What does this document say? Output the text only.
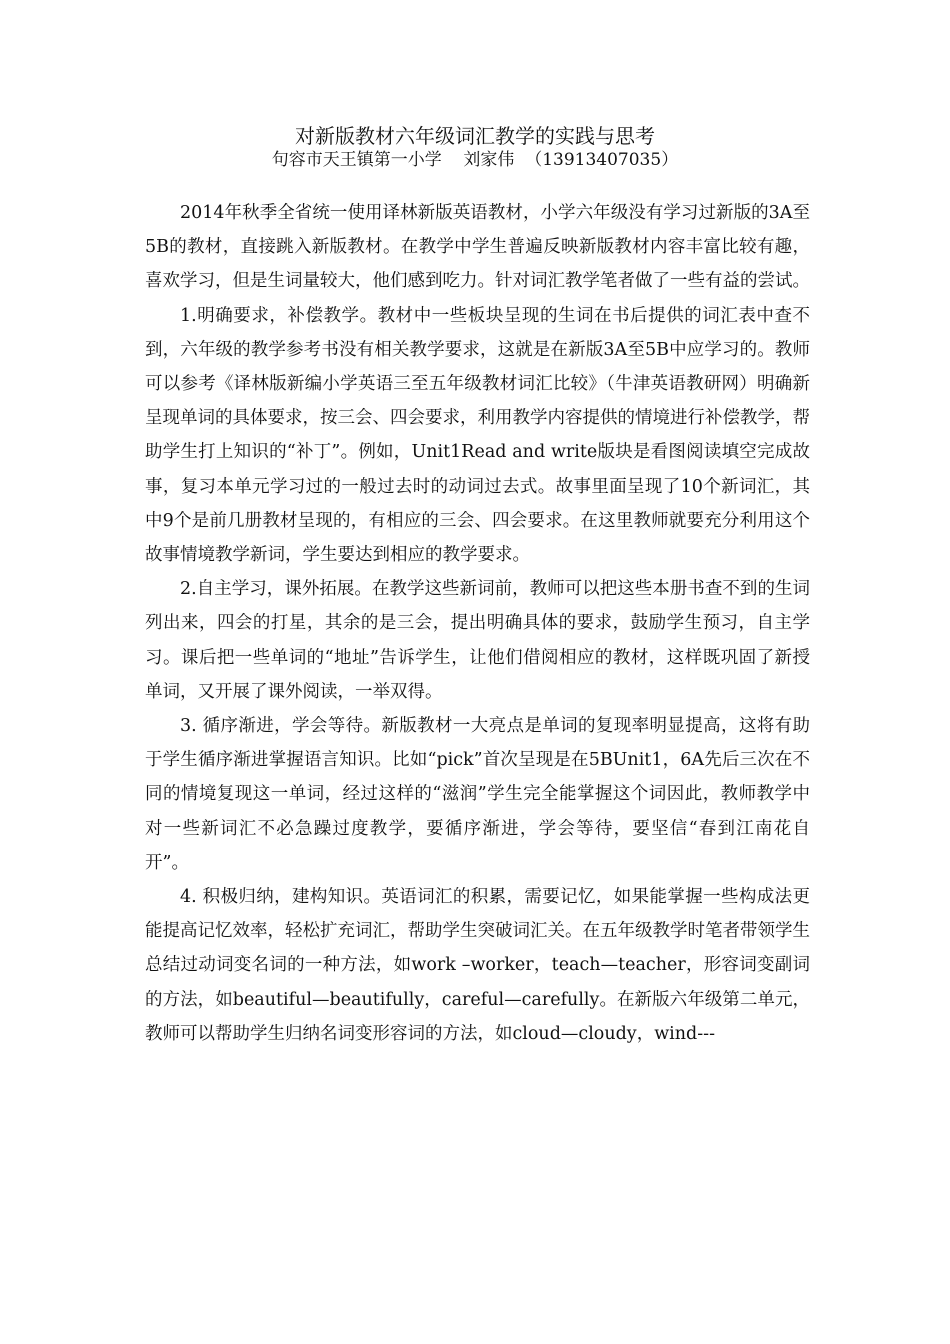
对新版教材六年级词汇教学的实践与思考
句容市天王镇第一小学    刘家伟  （13913407035）

2014年秋季全省统一使用译林新版英语教材，小学六年级没有学习过新版的3A至5B的教材，直接跳入新版教材。在教学中学生普遍反映新版教材内容丰富比较有趣，喜欢学习，但是生词量较大，他们感到吃力。针对词汇教学笔者做了一些有益的尝试。

1.明确要求，补偿教学。教材中一些板块呈现的生词在书后提供的词汇表中查不到，六年级的教学参考书没有相关教学要求，这就是在新版3A至5B中应学习的。教师可以参考《译林版新编小学英语三至五年级教材词汇比较》（牛津英语教研网）明确新呈现单词的具体要求，按三会、四会要求，利用教学内容提供的情境进行补偿教学，帮助学生打上知识的“补丁”。例如，Unit1Read and write版块是看图阅读填空完成故事，复习本单元学习过的一般过去时的动词过去式。故事里面呈现了10个新词汇，其中9个是前几册教材呈现的，有相应的三会、四会要求。在这里教师就要充分利用这个故事情境教学新词，学生要达到相应的教学要求。

2.自主学习，课外拓展。在教学这些新词前，教师可以把这些本册书查不到的生词列出来，四会的打星，其余的是三会，提出明确具体的要求，鼓励学生预习，自主学习。课后把一些单词的“地址”告诉学生，让他们借阅相应的教材，这样既巩固了新授单词，又开展了课外阅读，一举双得。

3. 循序渐进，学会等待。新版教材一大亮点是单词的复现率明显提高，这将有助于学生循序渐进掌握语言知识。比如“pick”首次呈现是在5BUnit1，6A先后三次在不同的情境复现这一单词，经过这样的“滋润”学生完全能掌握这个词因此，教师教学中对一些新词汇不必急躁过度教学，要循序渐进，学会等待，要坚信“春到江南花自开”。

4. 积极归纳，建构知识。英语词汇的积累，需要记忆，如果能掌握一些构成法更能提高记忆效率，轻松扩充词汇，帮助学生突破词汇关。在五年级教学时笔者带领学生总结过动词变名词的一种方法，如work –worker，teach—teacher，形容词变副词的方法，如beautiful—beautifully，careful—carefully。在新版六年级第二单元，教师可以帮助学生归纳名词变形容词的方法，如cloud—cloudy，wind---
